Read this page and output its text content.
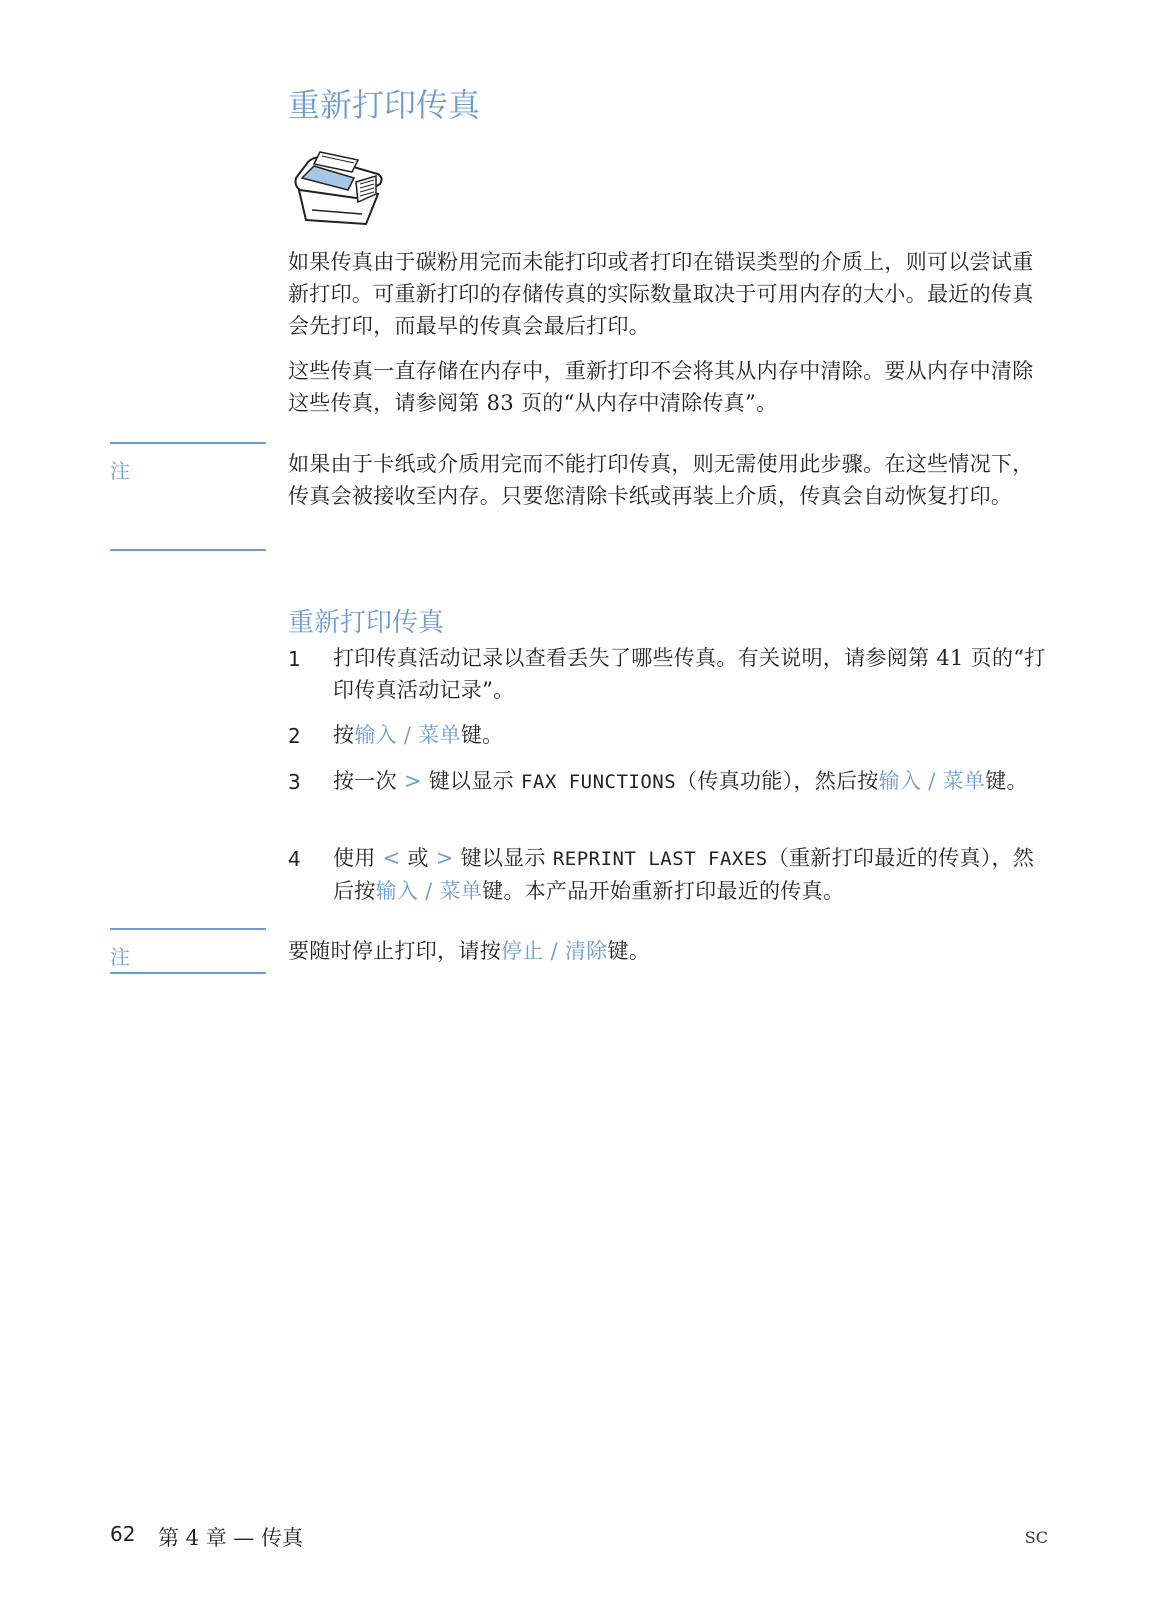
重新打印传真
如果传真由于碳粉用完而未能打印或者打印在错误类型的介质上，则可以尝试重新打印。可重新打印的存储传真的实际数量取决于可用内存的大小。最近的传真会先打印，而最早的传真会最后打印。
这些传真一直存储在内存中，重新打印不会将其从内存中清除。要从内存中清除这些传真，请参阅第 83 页的“从内存中清除传真”。
注	如果由于卡纸或介质用完而不能打印传真，则无需使用此步骤。在这些情况下，传真会被接收至内存。只要您清除卡纸或再装上介质，传真会自动恢复打印。
重新打印传真
1 打印传真活动记录以查看丢失了哪些传真。有关说明，请参阅第 41 页的“打印传真活动记录”。
2 按输入 / 菜单键。
3 按一次 > 键以显示 FAX FUNCTIONS（传真功能），然后按输入 / 菜单键。
4 使用 < 或 > 键以显示 REPRINT LAST FAXES（重新打印最近的传真），然后按输入 / 菜单键。本产品开始重新打印最近的传真。
注	要随时停止打印，请按停止 / 清除键。
62 第 4 章 — 传真	SC
